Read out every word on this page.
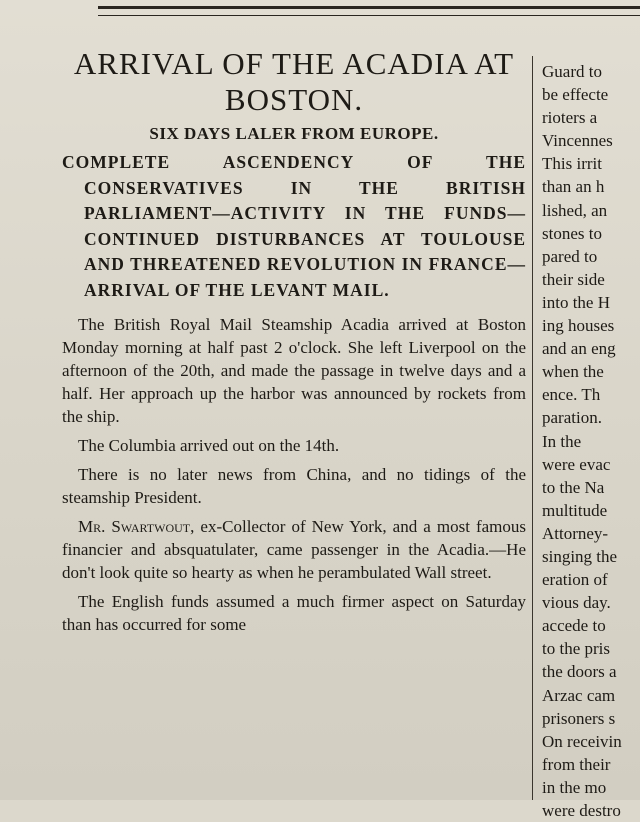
ARRIVAL OF THE ACADIA AT BOSTON.
SIX DAYS LALER FROM EUROPE.
COMPLETE ASCENDENCY OF THE CONSERVATIVES IN THE BRITISH PARLIAMENT—ACTIVITY IN THE FUNDS—CONTINUED DISTURBANCES AT TOULOUSE AND THREATENED REVOLUTION IN FRANCE—ARRIVAL OF THE LEVANT MAIL.

The British Royal Mail Steamship Acadia arrived at Boston Monday morning at half past 2 o'clock. She left Liverpool on the afternoon of the 20th, and made the passage in twelve days and a half. Her approach up the harbor was announced by rockets from the ship.

The Columbia arrived out on the 14th.

There is no later news from China, and no tidings of the steamship President.

Mr. Swartwout, ex-Collector of New York, and a most famous financier and absquatulater, came passenger in the Acadia.—He don't look quite so hearty as when he perambulated Wall street.

The English funds assumed a much firmer aspect on Saturday than has occurred for some

Guard to
be effecte
rioters a
Vincennes
This irrit
than an h
lished, an
stones to
pared to
their side
into the H
ing houses
and an eng
when the
ence. Th
paration.
In the
were evac
to the Na
multitude
Attorney-
singing the
eration of
vious day.
accede to
to the pris
the doors a
Arzac cam
prisoners s
On receivin
from their
in the mo
were destro
